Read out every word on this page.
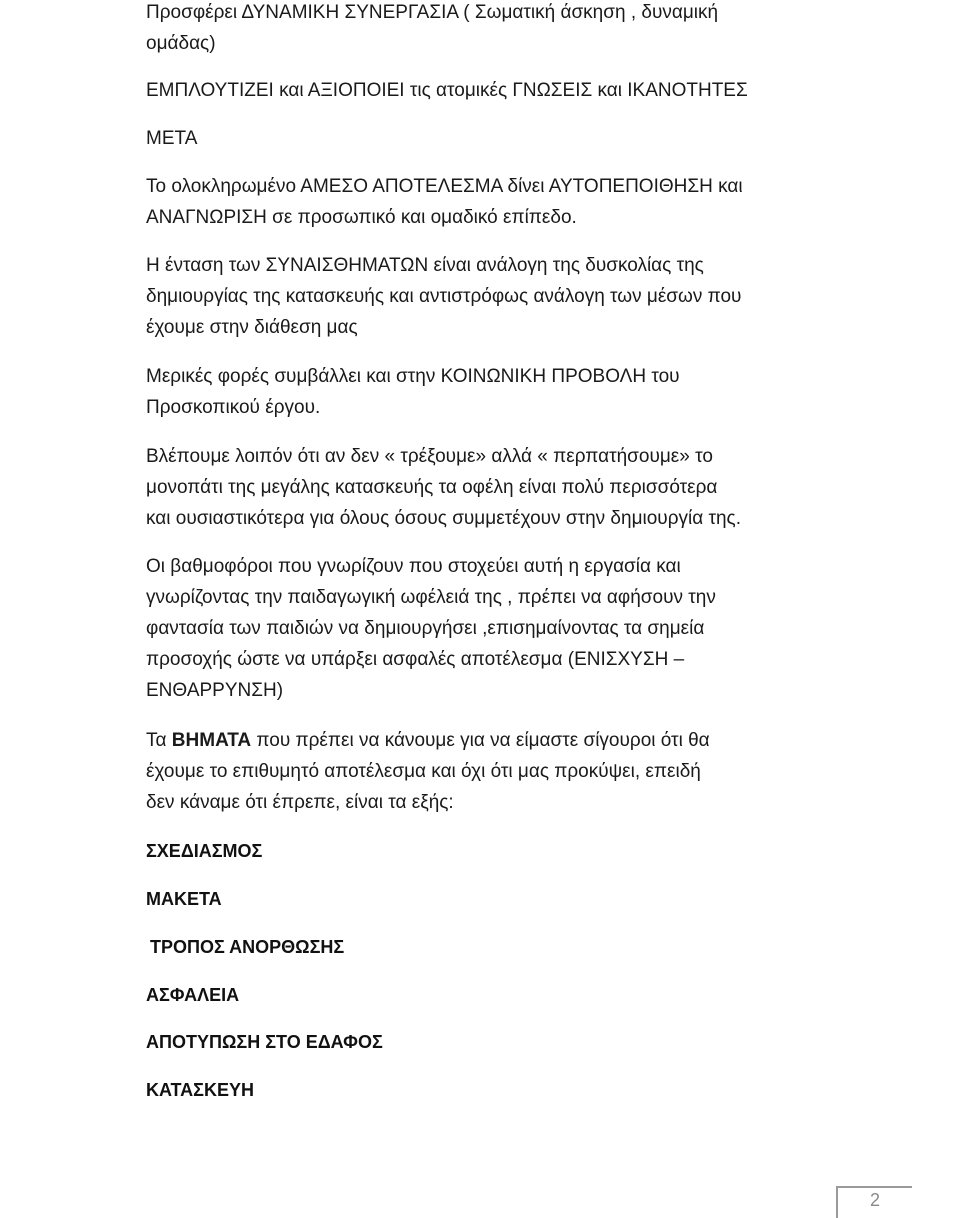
Προσφέρει ΔΥΝΑΜΙΚΗ ΣΥΝΕΡΓΑΣΙΑ ( Σωματική άσκηση , δυναμική
ομάδας)

ΕΜΠΛΟΥΤΙΖΕΙ και ΑΞΙΟΠΟΙΕΙ τις ατομικές ΓΝΩΣΕΙΣ και ΙΚΑΝΟΤΗΤΕΣ

ΜΕΤΑ

Το ολοκληρωμένο ΑΜΕΣΟ ΑΠΟΤΕΛΕΣΜΑ δίνει ΑΥΤΟΠΕΠΟΙΘΗΣΗ και
ΑΝΑΓΝΩΡΙΣΗ σε προσωπικό και ομαδικό επίπεδο.

Η ένταση των ΣΥΝΑΙΣΘΗΜΑΤΩΝ είναι ανάλογη της δυσκολίας της
δημιουργίας της κατασκευής και αντιστρόφως ανάλογη των μέσων που
έχουμε στην διάθεση μας

Μερικές φορές συμβάλλει και στην ΚΟΙΝΩΝΙΚΗ ΠΡΟΒΟΛΗ του
Προσκοπικού έργου.

Βλέπουμε λοιπόν ότι αν δεν « τρέξουμε» αλλά « περπατήσουμε» το
μονοπάτι της μεγάλης κατασκευής τα οφέλη είναι πολύ περισσότερα
και ουσιαστικότερα για όλους όσους συμμετέχουν στην δημιουργία της.

Οι βαθμοφόροι που γνωρίζουν που στοχεύει αυτή η εργασία και
γνωρίζοντας την παιδαγωγική ωφέλειά της , πρέπει να αφήσουν την
φαντασία των παιδιών να δημιουργήσει ,επισημαίνοντας τα σημεία
προσοχής ώστε να υπάρξει ασφαλές αποτέλεσμα (ΕΝΙΣΧΥΣΗ –
ΕΝΘΑΡΡΥΝΣΗ)

Τα ΒΗΜΑΤΑ που πρέπει να κάνουμε για να είμαστε σίγουροι ότι θα
έχουμε το επιθυμητό αποτέλεσμα και όχι ότι μας προκύψει, επειδή
δεν κάναμε ότι έπρεπε, είναι τα εξής:

ΣΧΕΔΙΑΣΜΟΣ

ΜΑΚΕΤΑ

ΤΡΟΠΟΣ ΑΝΟΡΘΩΣΗΣ

ΑΣΦΑΛΕΙΑ

ΑΠΟΤΥΠΩΣΗ ΣΤΟ ΕΔΑΦΟΣ

ΚΑΤΑΣΚΕΥΗ

2
